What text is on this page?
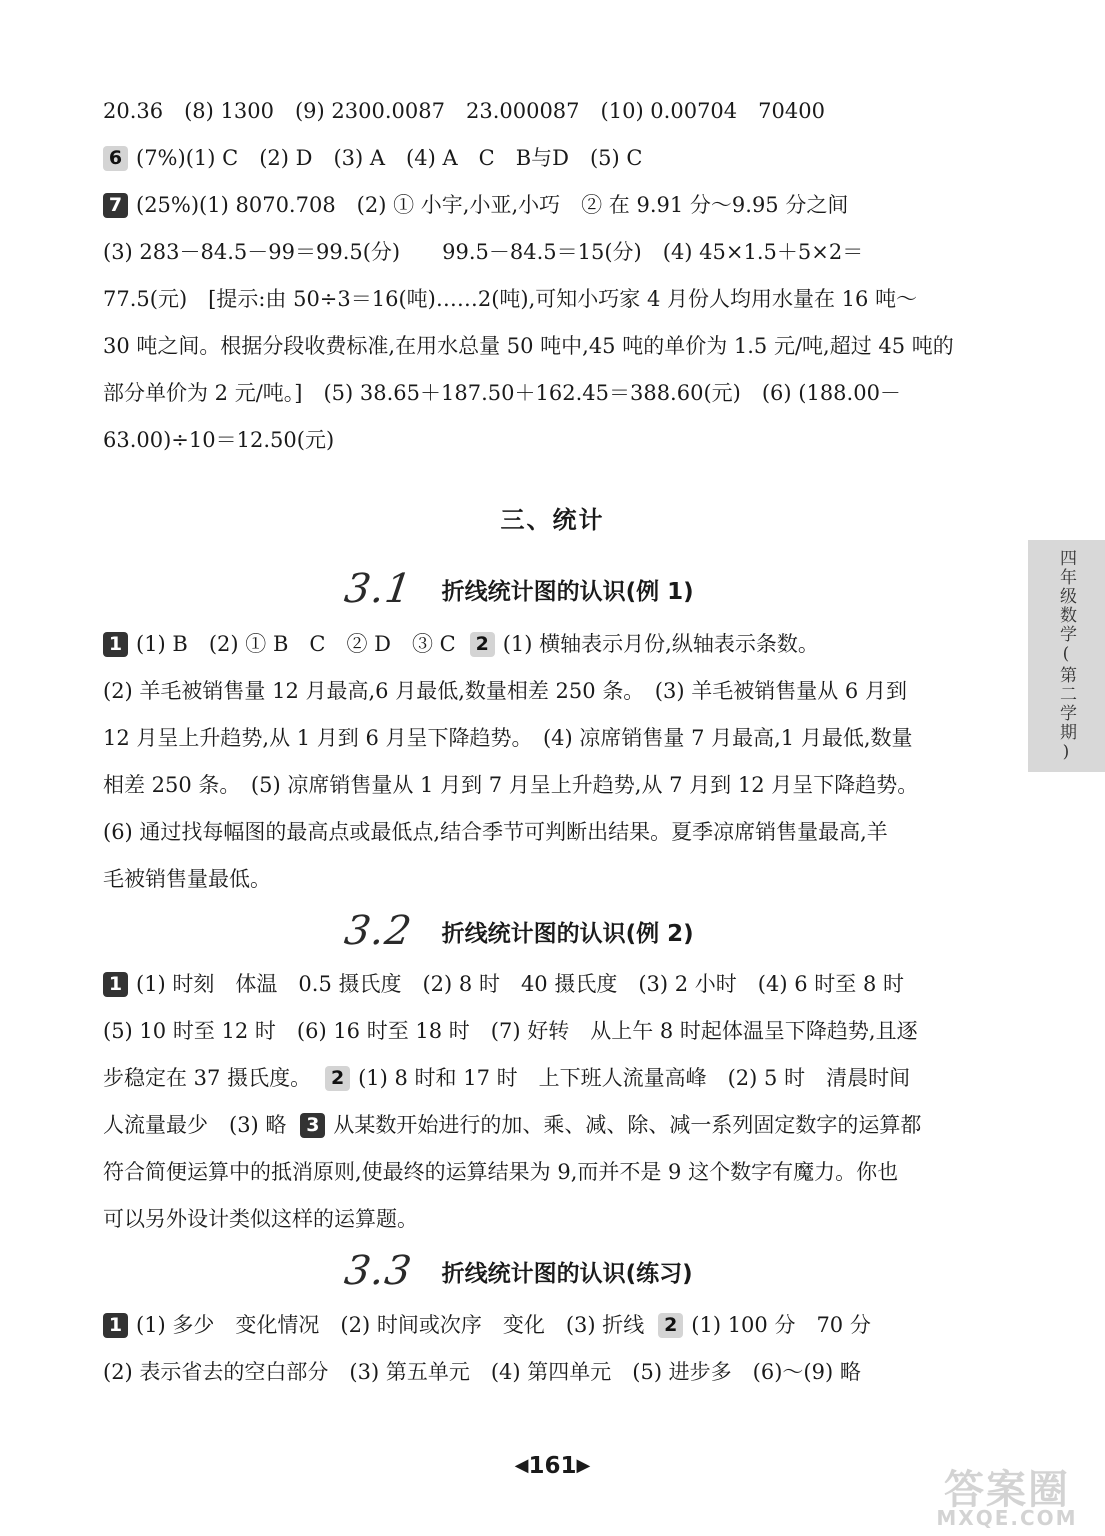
20.36　(8) 1300　(9) 2300.0087　23.000087　(10) 0.00704　70400
6 (7%)(1) C　(2) D　(3) A　(4) A　C　B与D　(5) C
7 (25%)(1) 8070.708　(2) ① 小宇,小亚,小巧　② 在 9.91 分～9.95 分之间
(3) 283－84.5－99＝99.5(分)　　99.5－84.5＝15(分)　(4) 45×1.5＋5×2＝
77.5(元)　[提示:由 50÷3＝16(吨)……2(吨),可知小巧家 4 月份人均用水量在 16 吨～
30 吨之间。根据分段收费标准,在用水总量 50 吨中,45 吨的单价为 1.5 元/吨,超过 45 吨的
部分单价为 2 元/吨。]　(5) 38.65＋187.50＋162.45＝388.60(元)　(6) (188.00－
63.00)÷10＝12.50(元)
三、统计
3.1 折线统计图的认识(例 1)
1 (1) B　(2) ① B　C　② D　③ C 2 (1) 横轴表示月份,纵轴表示条数。
(2) 羊毛被销售量 12 月最高,6 月最低,数量相差 250 条。　(3) 羊毛被销售量从 6 月到
12 月呈上升趋势,从 1 月到 6 月呈下降趋势。　(4) 凉席销售量 7 月最高,1 月最低,数量
相差 250 条。　(5) 凉席销售量从 1 月到 7 月呈上升趋势,从 7 月到 12 月呈下降趋势。
(6) 通过找每幅图的最高点或最低点,结合季节可判断出结果。夏季凉席销售量最高,羊
毛被销售量最低。
3.2 折线统计图的认识(例 2)
1 (1) 时刻　体温　0.5 摄氏度　(2) 8 时　40 摄氏度　(3) 2 小时　(4) 6 时至 8 时
(5) 10 时至 12 时　(6) 16 时至 18 时　(7) 好转　从上午 8 时起体温呈下降趋势,且逐
步稳定在 37 摄氏度。 2 (1) 8 时和 17 时　上下班人流量高峰　(2) 5 时　清晨时间
人流量最少　(3) 略 3 从某数开始进行的加、乘、减、除、减一系列固定数字的运算都
符合简便运算中的抵消原则,使最终的运算结果为 9,而并不是 9 这个数字有魔力。你也
可以另外设计类似这样的运算题。
3.3 折线统计图的认识(练习)
1 (1) 多少　变化情况　(2) 时间或次序　变化　(3) 折线 2 (1) 100 分　70 分
(2) 表示省去的空白部分　(3) 第五单元　(4) 第四单元　(5) 进步多　(6)～(9) 略
四年级数学(第二学期)
◀161▶
答案圈
MXQE.COM
